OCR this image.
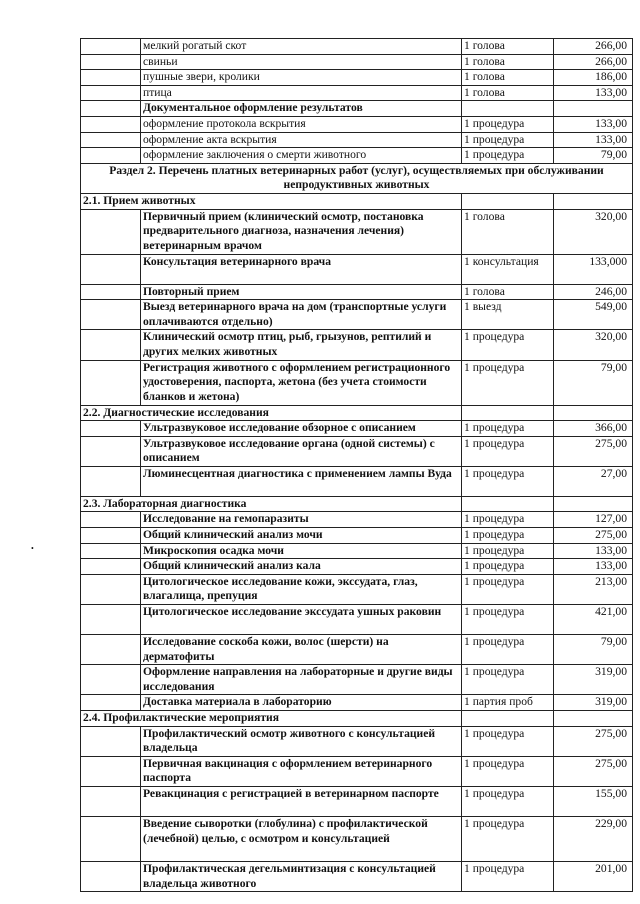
	мелкий рогатый скот	1 голова	266,00
	свиньи	1 голова	266,00
	пушные звери, кролики	1 голова	186,00
	птица	1 голова	133,00
	Документальное оформление результатов		
	оформление протокола вскрытия	1 процедура	133,00
	оформление акта вскрытия	1 процедура	133,00
	оформление заключения о смерти животного	1 процедура	79,00
Раздел 2. Перечень платных ветеринарных работ (услуг), осуществляемых при обслуживании непродуктивных животных			
2.1. Прием животных			
	Первичный прием (клинический осмотр, постановка предварительного диагноза, назначения лечения) ветеринарным врачом	1 голова	320,00
	Консультация ветеринарного врача	1 консультация	133,000
	Повторный прием	1 голова	246,00
	Выезд ветеринарного врача на дом (транспортные услуги оплачиваются отдельно)	1 выезд	549,00
	Клинический осмотр птиц, рыб, грызунов, рептилий и других мелких животных	1 процедура	320,00
	Регистрация животного с оформлением регистрационного удостоверения, паспорта, жетона (без учета стоимости бланков и жетона)	1 процедура	79,00
2.2. Диагностические исследования			
	Ультразвуковое исследование обзорное с описанием	1 процедура	366,00
	Ультразвуковое исследование органа (одной системы) с описанием	1 процедура	275,00
	Люминесцентная диагностика с применением лампы Вуда	1 процедура	27,00
2.3. Лабораторная диагностика			
	Исследование на гемопаразиты	1 процедура	127,00
	Общий клинический анализ мочи	1 процедура	275,00
	Микроскопия осадка мочи	1 процедура	133,00
	Общий клинический анализ кала	1 процедура	133,00
	Цитологическое исследование кожи, экссудата, глаз, влагалища, препуция	1 процедура	213,00
	Цитологическое исследование экссудата ушных раковин	1 процедура	421,00
	Исследование соскоба кожи, волос (шерсти) на дерматофиты	1 процедура	79,00
	Оформление направления на лабораторные и другие виды исследования	1 процедура	319,00
	Доставка материала в лабораторию	1 партия проб	319,00
2.4. Профилактические мероприятия			
	Профилактический осмотр животного с консультацией владельца	1 процедура	275,00
	Первичная вакцинация с оформлением ветеринарного паспорта	1 процедура	275,00
	Ревакцинация с регистрацией в ветеринарном паспорте	1 процедура	155,00
	Введение сыворотки (глобулина) с профилактической (лечебной) целью, с осмотром и консультацией	1 процедура	229,00
	Профилактическая дегельминтизация с консультацией владельца животного	1 процедура	201,00
•
